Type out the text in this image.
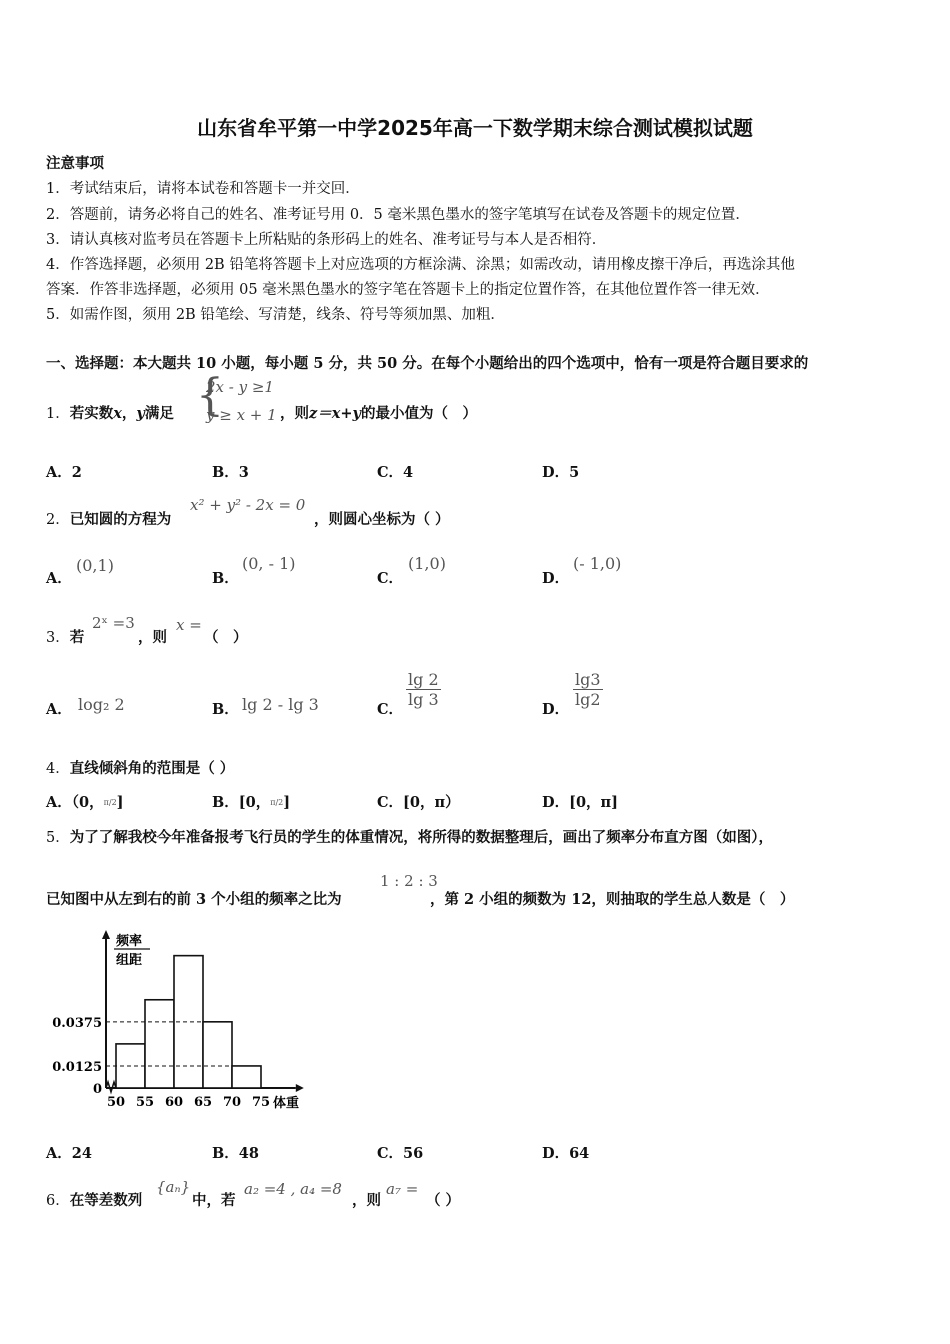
山东省牟平第一中学2025年高一下数学期末综合测试模拟试题
注意事项
1．考试结束后，请将本试卷和答题卡一并交回．
2．答题前，请务必将自己的姓名、准考证号用 0．5 毫米黑色墨水的签字笔填写在试卷及答题卡的规定位置．
3．请认真核对监考员在答题卡上所粘贴的条形码上的姓名、准考证号与本人是否相符．
4．作答选择题，必须用 2B 铅笔将答题卡上对应选项的方框涂满、涂黑；如需改动，请用橡皮擦干净后，再选涂其他
答案．作答非选择题，必须用 05 毫米黑色墨水的签字笔在答题卡上的指定位置作答，在其他位置作答一律无效．
5．如需作图，须用 2B 铅笔绘、写清楚，线条、符号等须加黑、加粗．
一、选择题：本大题共 10 小题，每小题 5 分，共 50 分。在每个小题给出的四个选项中，恰有一项是符合题目要求的
1．若实数x，y满足 {
2x - y ≥1
y ≥ x + 1 ，则z＝x+y的最小值为（　）
A．2	B．3	C．4	D．5
2．已知圆的方程为
x² + y² - 2x = 0
，则圆心坐标为（ ）
A．
(0,1)
B．
(0, - 1)
C．
(1,0)
D．
(- 1,0)
3．若
2ˣ =3
，则
x =
（　）
A． log₂ 2	B． lg 2 - lg 3	C．
$\frac{\lg 2}{\lg 3}$
D．
$\frac{\lg 3}{\lg 2}$
4．直线倾斜角的范围是（ ）
A．（0，π/2]	B．[0，π/2]	C．[0，π）	D．[0，π]
5．为了了解我校今年准备报考飞行员的学生的体重情况，将所得的数据整理后，画出了频率分布直方图（如图），
已知图中从左到右的前 3 个小组的频率之比为
1 : 2 : 3
，第 2 小组的频数为 12，则抽取的学生总人数是（　）
频率
组距
0.0375
0.0125
0
50 55 60 65 70 75 体重
A．24	B．48	C．56	D．64
6．在等差数列
{aₙ}
中，若
a₂ =4 , a₄ =8
，则
a₇ =
（ ）
